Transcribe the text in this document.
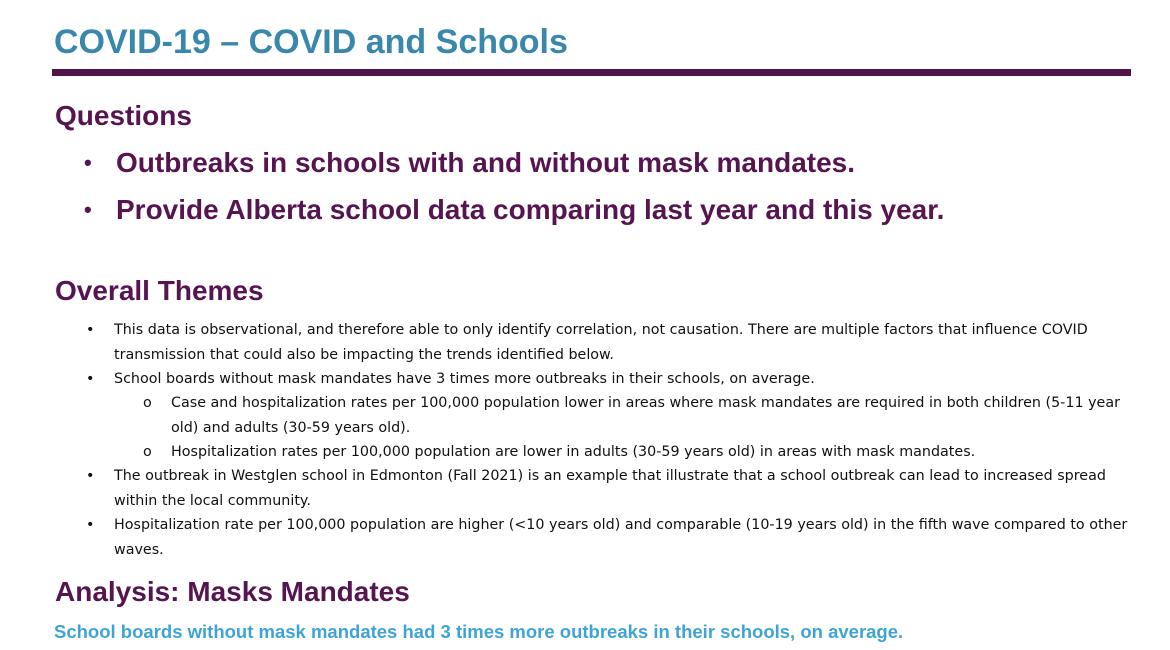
COVID-19 – COVID and Schools
Questions
• Outbreaks in schools with and without mask mandates.
• Provide Alberta school data comparing last year and this year.
Overall Themes
•	This data is observational, and therefore able to only identify correlation, not causation. There are multiple factors that influence COVID transmission that could also be impacting the trends identified below.
•	School boards without mask mandates have 3 times more outbreaks in their schools, on average.
o	Case and hospitalization rates per 100,000 population lower in areas where mask mandates are required in both children (5-11 year old) and adults (30-59 years old).
o	Hospitalization rates per 100,000 population are lower in adults (30-59 years old) in areas with mask mandates.
•	The outbreak in Westglen school in Edmonton (Fall 2021) is an example that illustrate that a school outbreak can lead to increased spread within the local community.
•	Hospitalization rate per 100,000 population are higher (<10 years old) and comparable (10-19 years old) in the fifth wave compared to other waves.
Analysis: Masks Mandates

School boards without mask mandates had 3 times more outbreaks in their schools, on average.
